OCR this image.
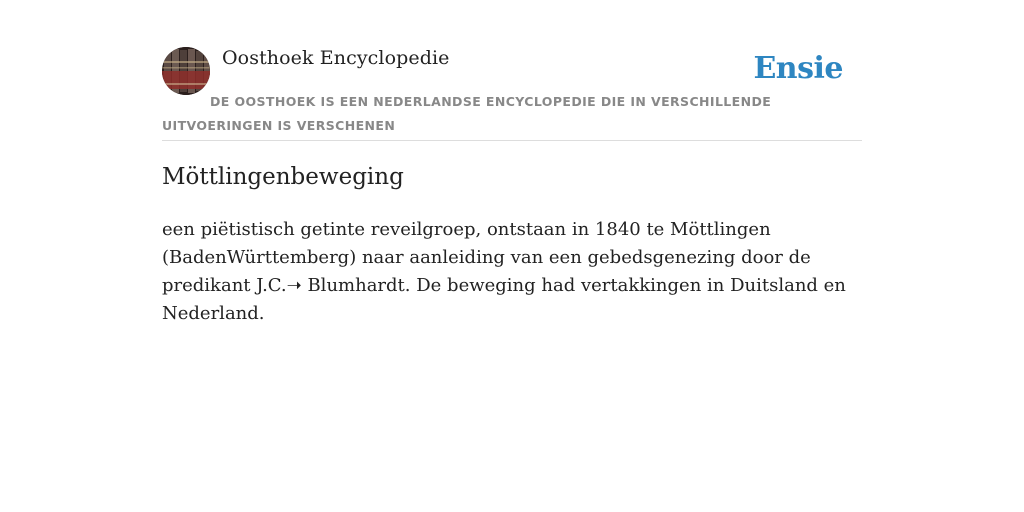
Oosthoek Encyclopedie	Ensie
DE OOSTHOEK IS EEN NEDERLANDSE ENCYCLOPEDIE DIE IN VERSCHILLENDE UITVOERINGEN IS VERSCHENEN
Möttlingenbeweging

een piëtistisch getinte reveilgroep, ontstaan in 1840 te Möttlingen (BadenWürttemberg) naar aanleiding van een gebedsgenezing door de predikant J.C.➝ Blumhardt. De beweging had vertakkingen in Duitsland en Nederland.
